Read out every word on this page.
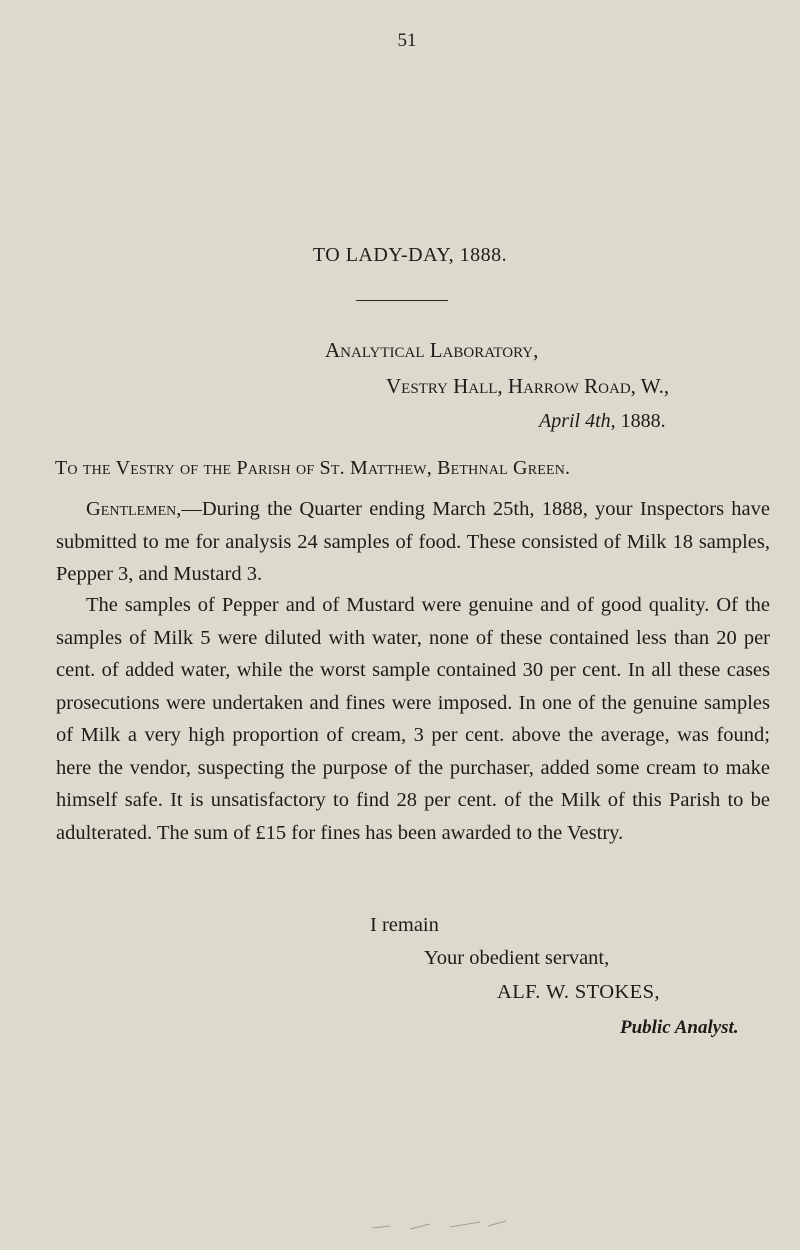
51
TO LADY-DAY, 1888.
Analytical Laboratory,
Vestry Hall, Harrow Road, W.,
April 4th, 1888.
To the Vestry of the Parish of St. Matthew, Bethnal Green.

Gentlemen,—During the Quarter ending March 25th, 1888, your Inspectors have submitted to me for analysis 24 samples of food. These consisted of Milk 18 samples, Pepper 3, and Mustard 3.

The samples of Pepper and of Mustard were genuine and of good quality. Of the samples of Milk 5 were diluted with water, none of these contained less than 20 per cent. of added water, while the worst sample contained 30 per cent. In all these cases prosecutions were undertaken and fines were imposed. In one of the genuine samples of Milk a very high proportion of cream, 3 per cent. above the average, was found; here the vendor, suspecting the purpose of the purchaser, added some cream to make himself safe. It is unsatisfactory to find 28 per cent. of the Milk of this Parish to be adulterated. The sum of £15 for fines has been awarded to the Vestry.

I remain
Your obedient servant,
ALF. W. STOKES,
Public Analyst.
